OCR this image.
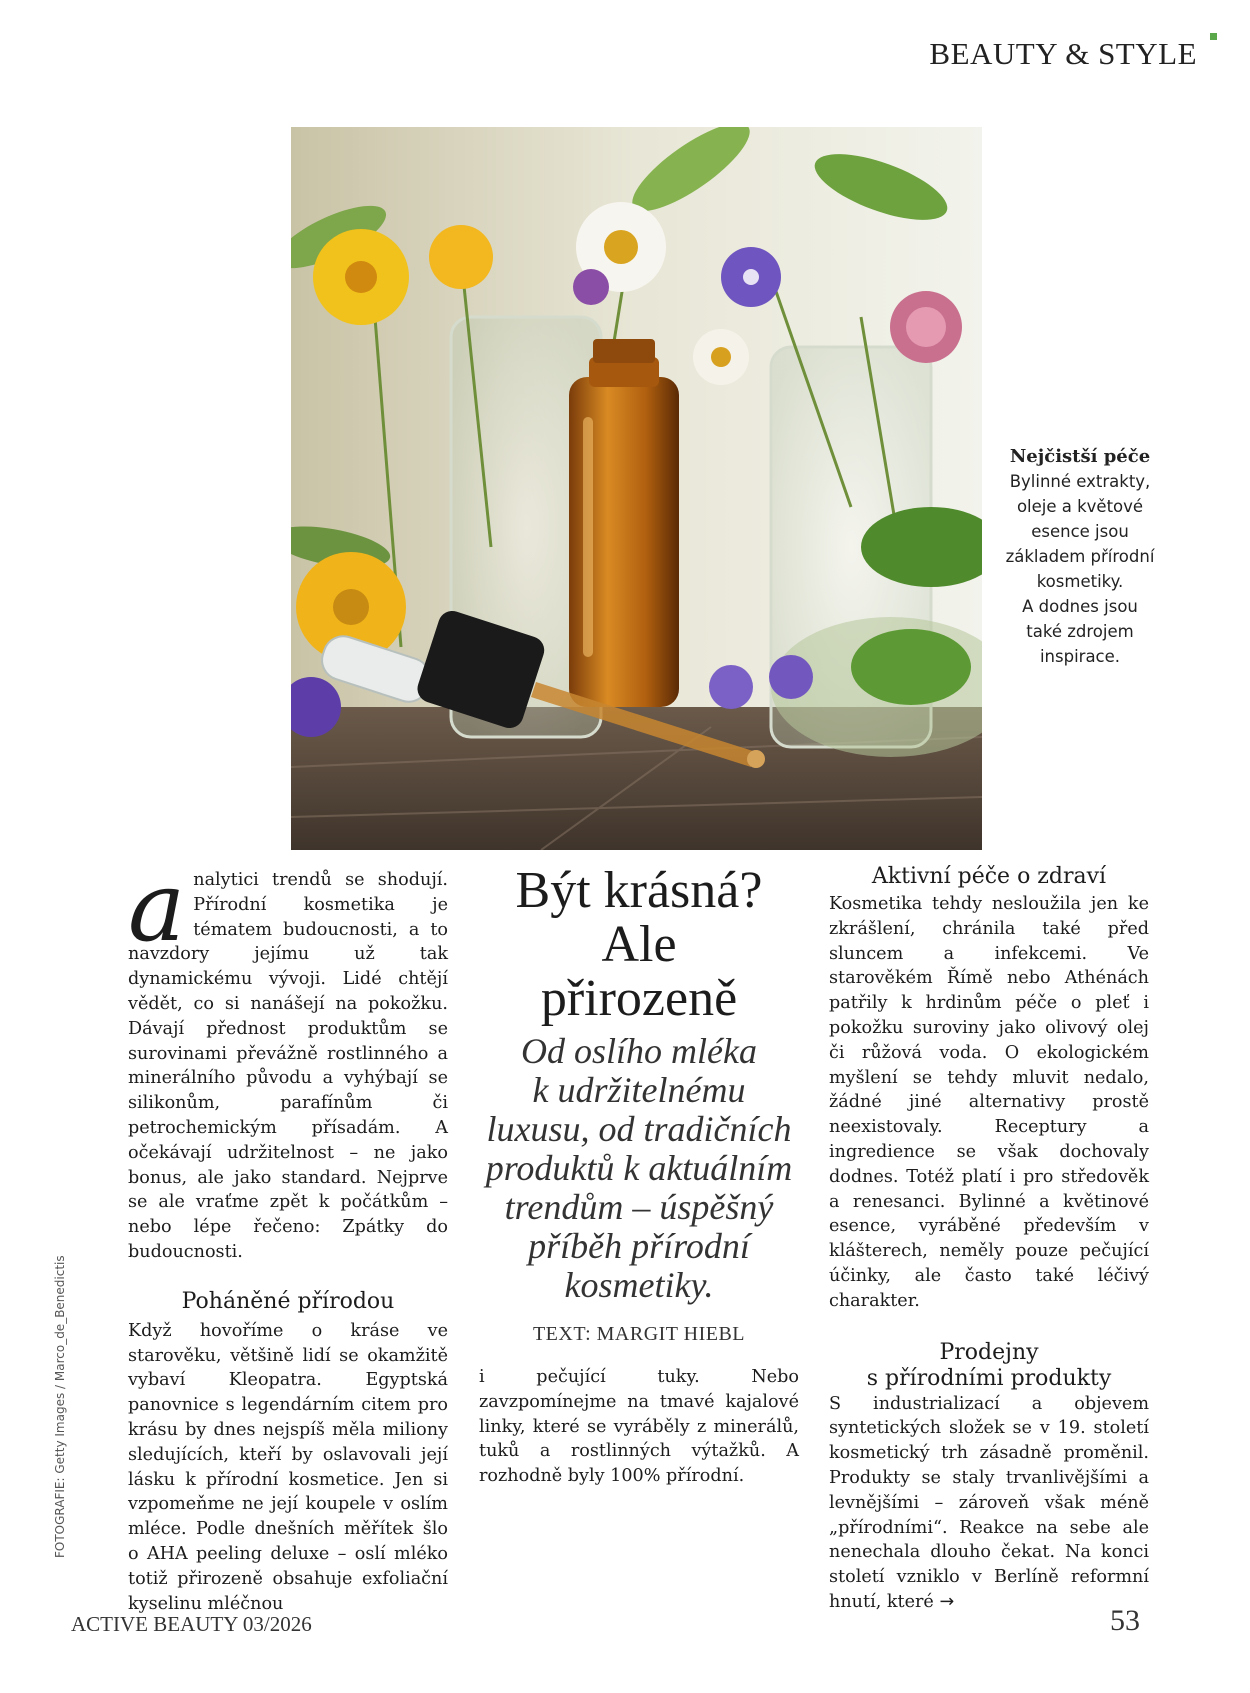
BEAUTY & STYLE
Nejčistší péče
Bylinné extrakty,
oleje a květové
esence jsou
základem přírodní
kosmetiky.
A dodnes jsou
také zdrojem
inspirace.
FOTOGRAFIE: Getty Images / Marco_de_Benedictis

analytici trendů se shodují. Přírodní kosmetika je tématem budoucnosti, a to navzdory jejímu už tak dynamickému vývoji. Lidé chtějí vědět, co si nanášejí na pokožku. Dávají přednost produktům se surovinami převážně rostlinného a minerálního původu a vyhýbají se silikonům, parafínům či petrochemickým přísadám. A očekávají udržitelnost – ne jako bonus, ale jako standard. Nejprve se ale vraťme zpět k počátkům – nebo lépe řečeno: Zpátky do budoucnosti.

Poháněné přírodou

Když hovoříme o kráse ve starověku, většině lidí se okamžitě vybaví Kleopatra. Egyptská panovnice s legendárním citem pro krásu by dnes nejspíš měla miliony sledujících, kteří by oslavovali její lásku k přírodní kosmetice. Jen si vzpomeňme ne její koupele v oslím mléce. Podle dnešních měřítek šlo o AHA peeling deluxe – oslí mléko totiž přirozeně obsahuje exfoliační kyselinu mléčnou

Být krásná?
Ale
přirozeně
Od oslího mléka
k udržitelnému
luxusu, od tradičních
produktů k aktuálním
trendům – úspěšný
příběh přírodní
kosmetiky.
TEXT: MARGIT HIEBL

i pečující tuky. Nebo zavzpomínejme na tmavé kajalové linky, které se vyráběly z minerálů, tuků a rostlinných výtažků. A rozhodně byly 100% přírodní.

Aktivní péče o zdraví

Kosmetika tehdy nesloužila jen ke zkrášlení, chránila také před sluncem a infekcemi. Ve starověkém Římě nebo Athénách patřily k hrdinům péče o pleť i pokožku suroviny jako olivový olej či růžová voda. O ekologickém myšlení se tehdy mluvit nedalo, žádné jiné alternativy prostě neexistovaly. Receptury a ingredience se však dochovaly dodnes. Totéž platí i pro středověk a renesanci. Bylinné a květinové esence, vyráběné především v klášterech, neměly pouze pečující účinky, ale často také léčivý charakter.

Prodejny
s přírodními produkty

S industrializací a objevem syntetických složek se v 19. století kosmetický trh zásadně proměnil. Produkty se staly trvanlivějšími a levnějšími – zároveň však méně „přírodními“. Reakce na sebe ale nenechala dlouho čekat. Na konci století vzniklo v Berlíně reformní hnutí, které →

ACTIVE BEAUTY 03/2026	53
